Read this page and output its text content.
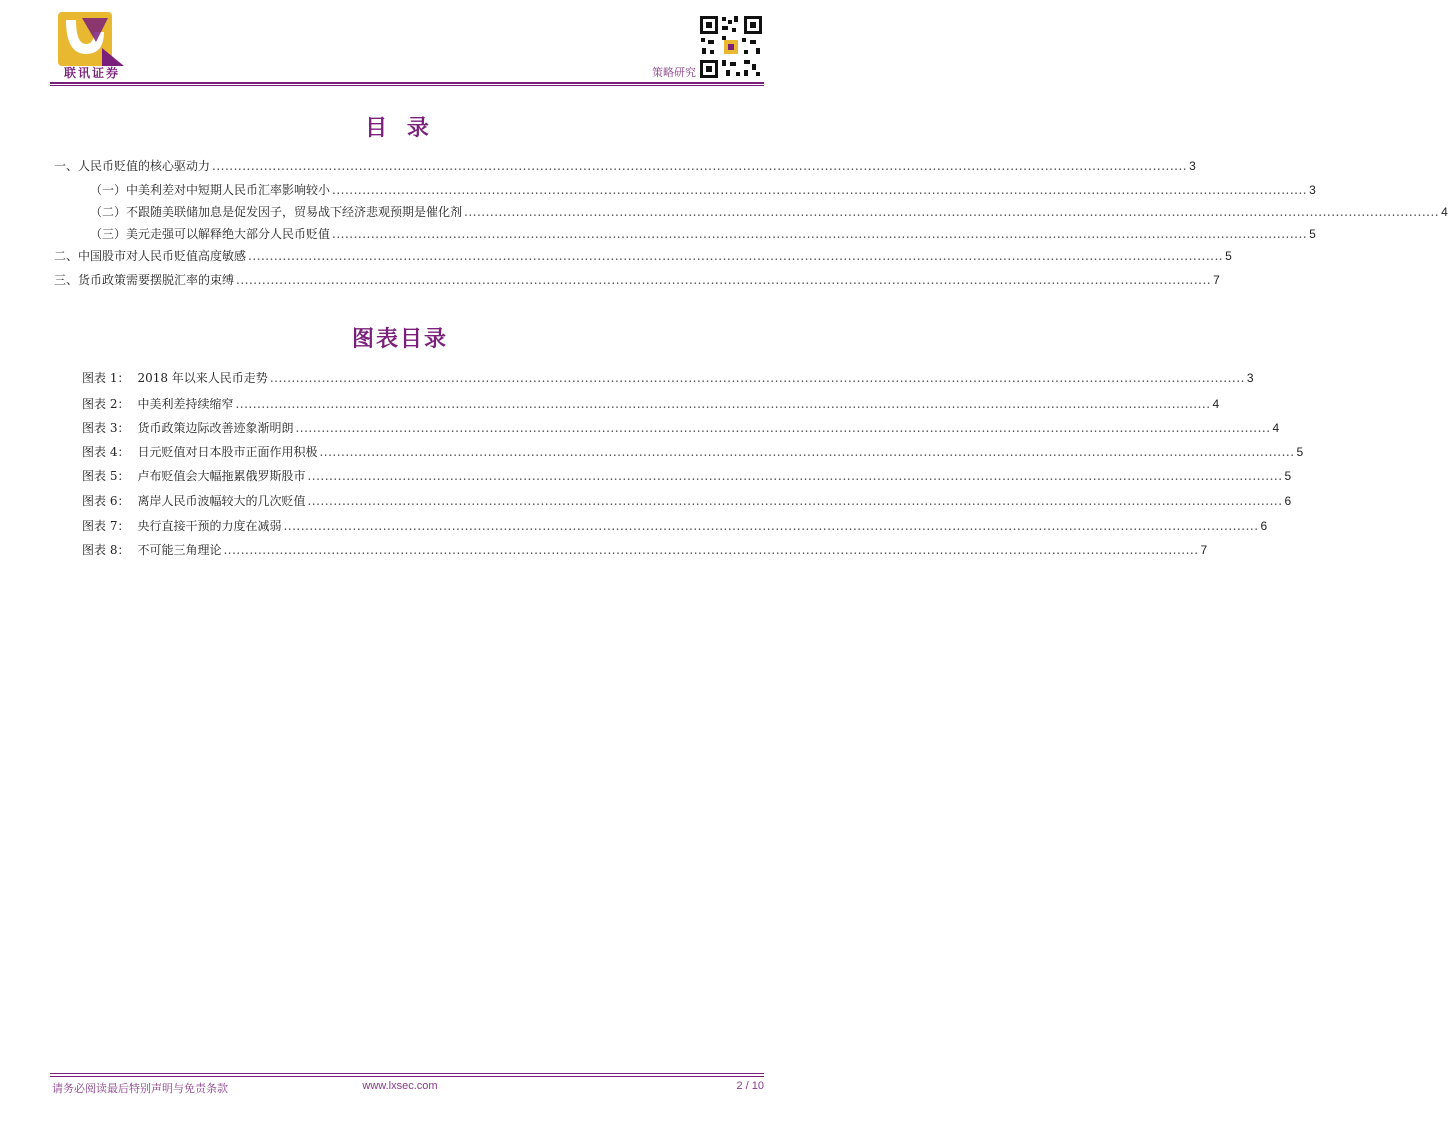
联讯证券	策略研究
目 录
一、人民币贬值的核心驱动力 .................................................................................................................................................................................................................................. 3
（一）中美利差对中短期人民币汇率影响较小 .................................................................................................................................................................................................................................. 3
（二）不跟随美联储加息是促发因子，贸易战下经济悲观预期是催化剂 .................................................................................................................................................................................................................................. 4
（三）美元走强可以解释绝大部分人民币贬值 .................................................................................................................................................................................................................................. 5
二、中国股市对人民币贬值高度敏感 .................................................................................................................................................................................................................................. 5
三、货币政策需要摆脱汇率的束缚 .................................................................................................................................................................................................................................. 7
图表目录
图表 1： 2018 年以来人民币走势 .................................................................................................................................................................................................................................. 3
图表 2： 中美利差持续缩窄 .................................................................................................................................................................................................................................. 4
图表 3： 货币政策边际改善迹象渐明朗 .................................................................................................................................................................................................................................. 4
图表 4： 日元贬值对日本股市正面作用积极 .................................................................................................................................................................................................................................. 5
图表 5： 卢布贬值会大幅拖累俄罗斯股市 .................................................................................................................................................................................................................................. 5
图表 6： 离岸人民币波幅较大的几次贬值 .................................................................................................................................................................................................................................. 6
图表 7： 央行直接干预的力度在减弱 .................................................................................................................................................................................................................................. 6
图表 8： 不可能三角理论 .................................................................................................................................................................................................................................. 7
请务必阅读最后特别声明与免责条款	www.lxsec.com	2 / 10
